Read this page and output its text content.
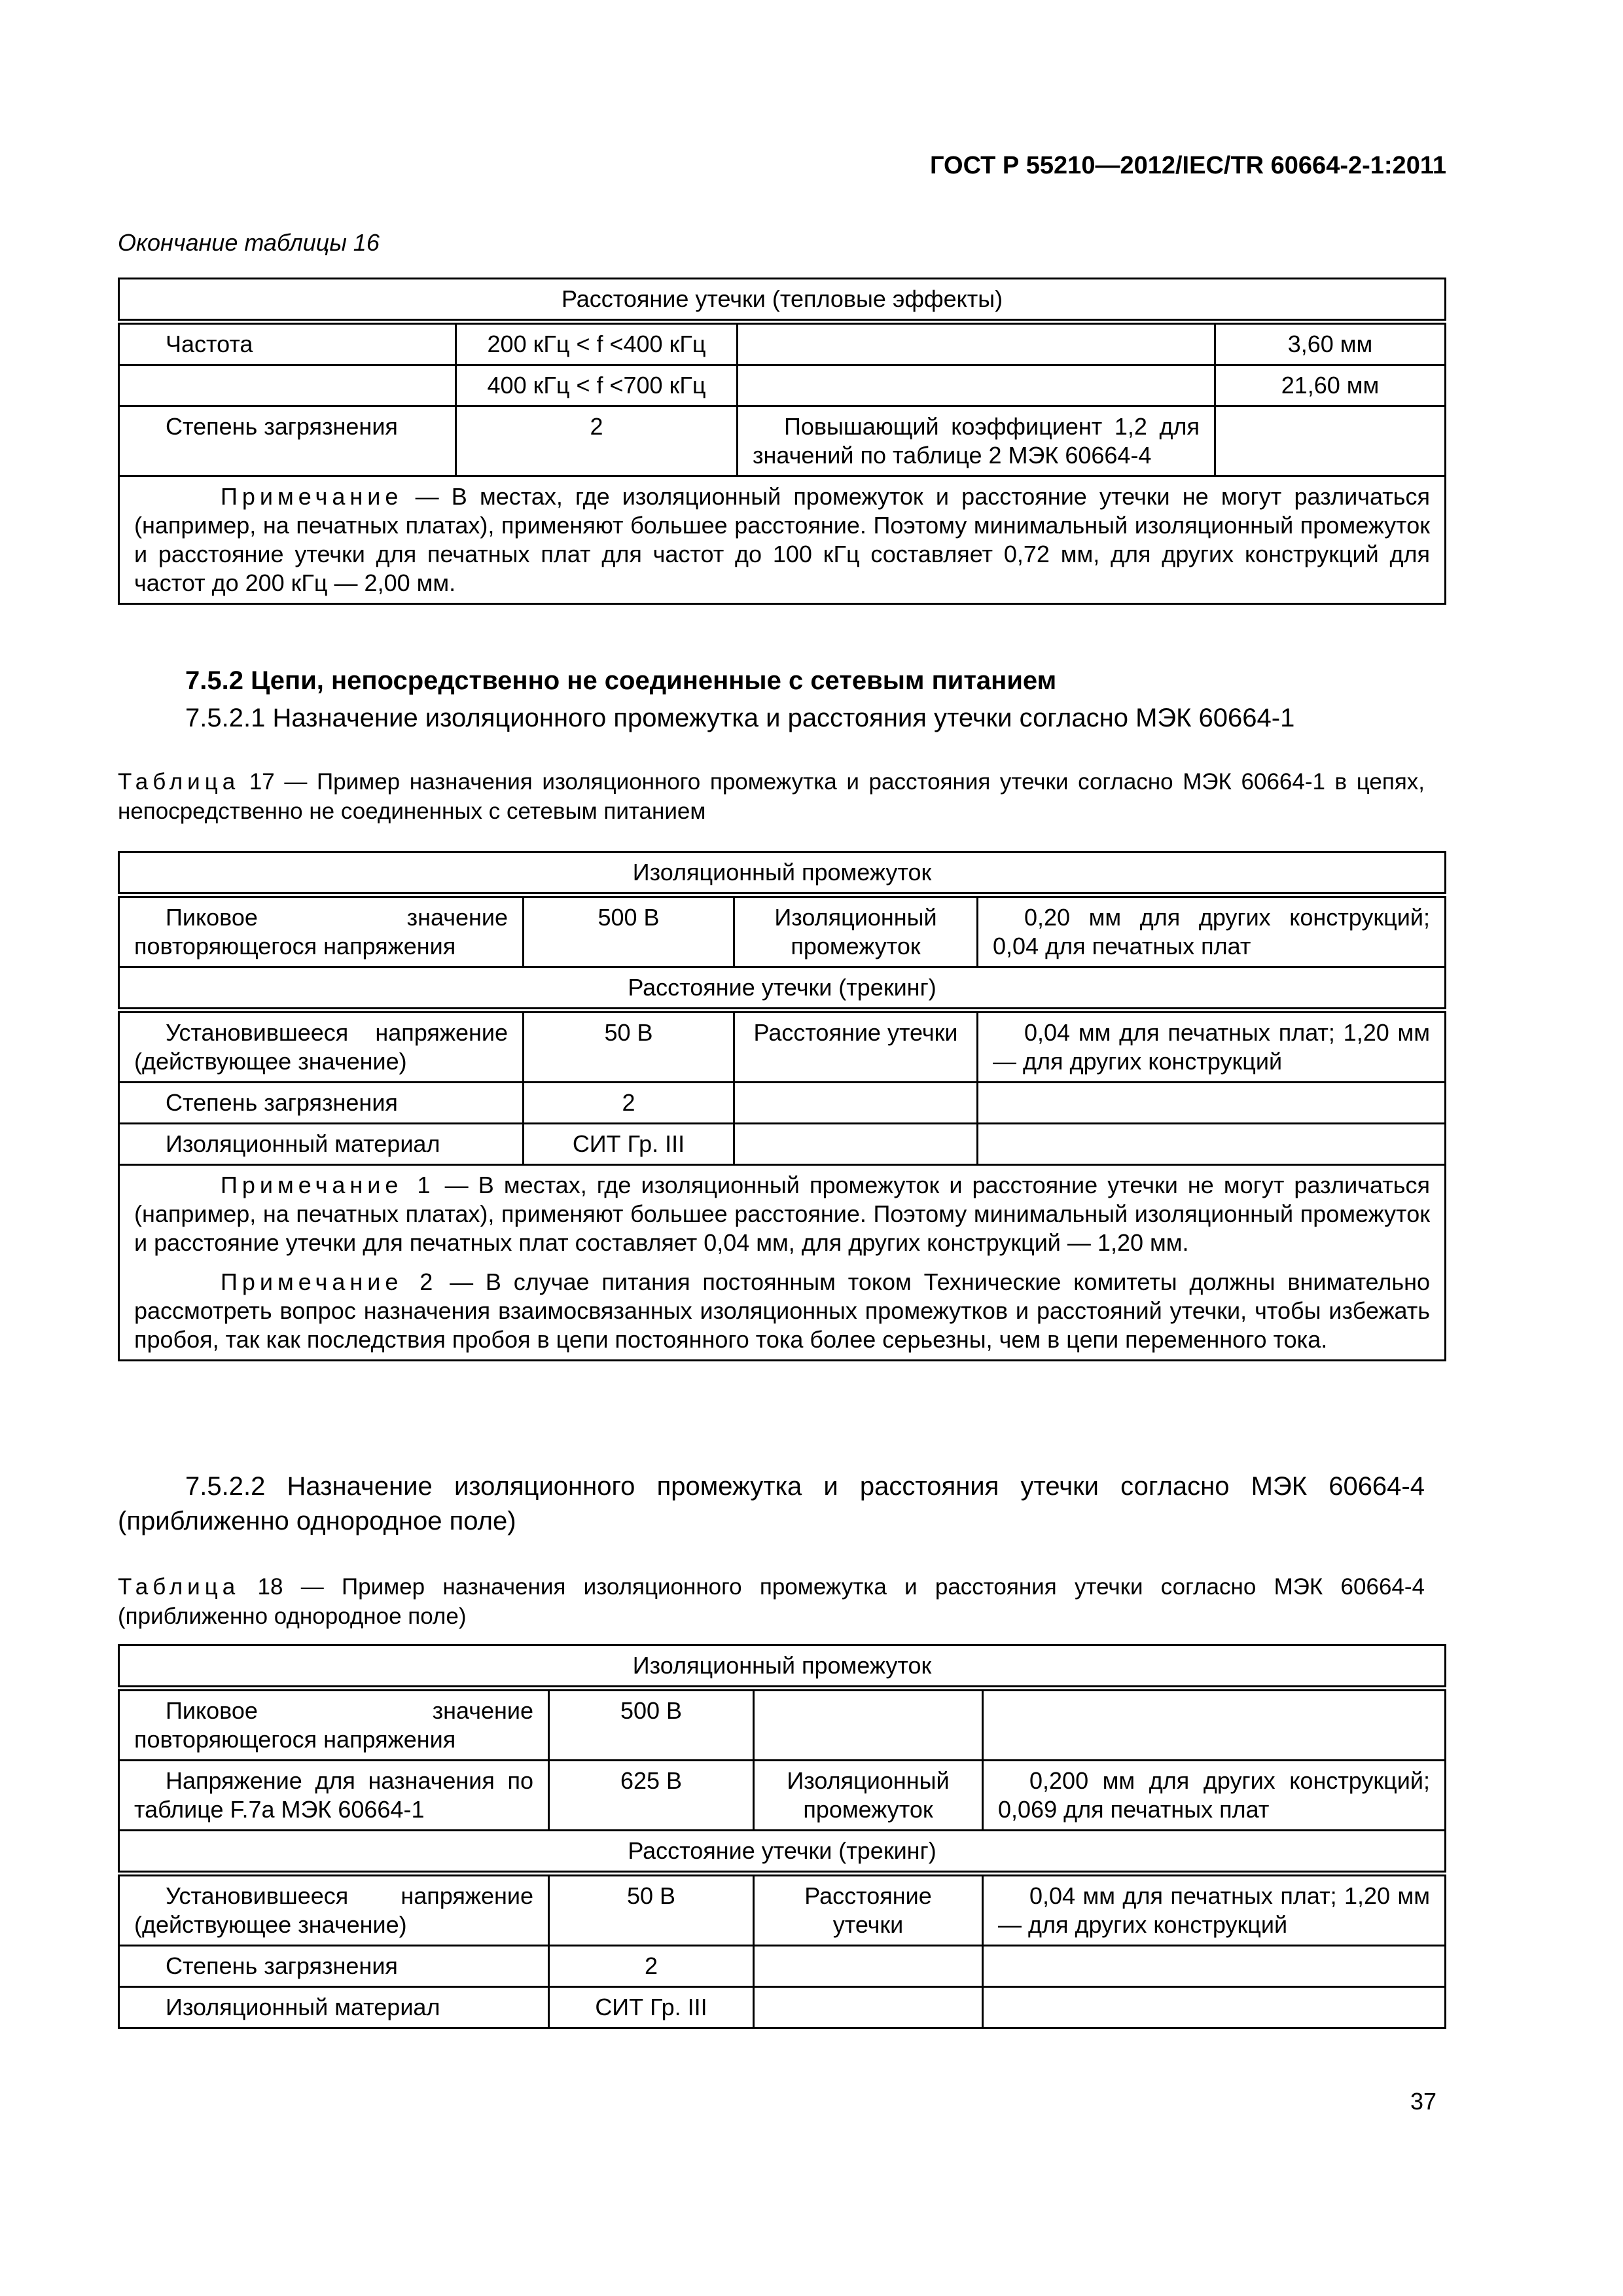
ГОСТ Р 55210—2012/IEC/TR 60664-2-1:2011
Окончание таблицы 16
Расстояние утечки (тепловые эффекты)			
Частота	200 кГц < f <400 кГц		3,60 мм
	400 кГц < f <700 кГц		21,60 мм
Степень загрязнения	2	Повышающий коэффициент 1,2 для значений по таблице 2 МЭК 60664-4	

Примечание — В местах, где изоляционный промежуток и расстояние утечки не могут различаться (например, на печатных платах), применяют большее расстояние. Поэтому минимальный изоляционный промежуток и расстояние утечки для печатных плат для частот до 100 кГц составляет 0,72 мм, для других конструкций для частот до 200 кГц — 2,00 мм.			

7.5.2 Цепи, непосредственно не соединенные с сетевым питанием
7.5.2.1 Назначение изоляционного промежутка и расстояния утечки согласно МЭК 60664-1
Таблица 17 — Пример назначения изоляционного промежутка и расстояния утечки согласно МЭК 60664-1 в цепях, непосредственно не соединенных с сетевым питанием
Изоляционный промежуток			
Пиковое значение повторяющегося напряжения	500 В	Изоляционный промежуток	0,20 мм для других конструкций; 0,04 для печатных плат
Расстояние утечки (трекинг)			
Установившееся напряжение (действующее значение)	50 В	Расстояние утечки	0,04 мм для печатных плат; 1,20 мм — для других конструкций
Степень загрязнения	2		
Изоляционный материал	СИТ Гр. III		

Примечание 1 — В местах, где изоляционный промежуток и расстояние утечки не могут различаться (например, на печатных платах), применяют большее расстояние. Поэтому минимальный изоляционный промежуток и расстояние утечки для печатных плат составляет 0,04 мм, для других конструкций — 1,20 мм.

Примечание 2 — В случае питания постоянным током Технические комитеты должны внимательно рассмотреть вопрос назначения взаимосвязанных изоляционных промежутков и расстояний утечки, чтобы избежать пробоя, так как последствия пробоя в цепи постоянного тока более серьезны, чем в цепи переменного тока.			

7.5.2.2 Назначение изоляционного промежутка и расстояния утечки согласно МЭК 60664-4 (приближенно однородное поле)
Таблица 18 — Пример назначения изоляционного промежутка и расстояния утечки согласно МЭК 60664-4 (приближенно однородное поле)
Изоляционный промежуток			
Пиковое значение повторяющегося напряжения	500 В		
Напряжение для назначения по таблице F.7a МЭК 60664-1	625 В	Изоляционный промежуток	0,200 мм для других конструкций; 0,069 для печатных плат
Расстояние утечки (трекинг)			
Установившееся напряжение (действующее значение)	50 В	Расстояние утечки	0,04 мм для печатных плат; 1,20 мм — для других конструкций
Степень загрязнения	2		
Изоляционный материал	СИТ Гр. III		
37
